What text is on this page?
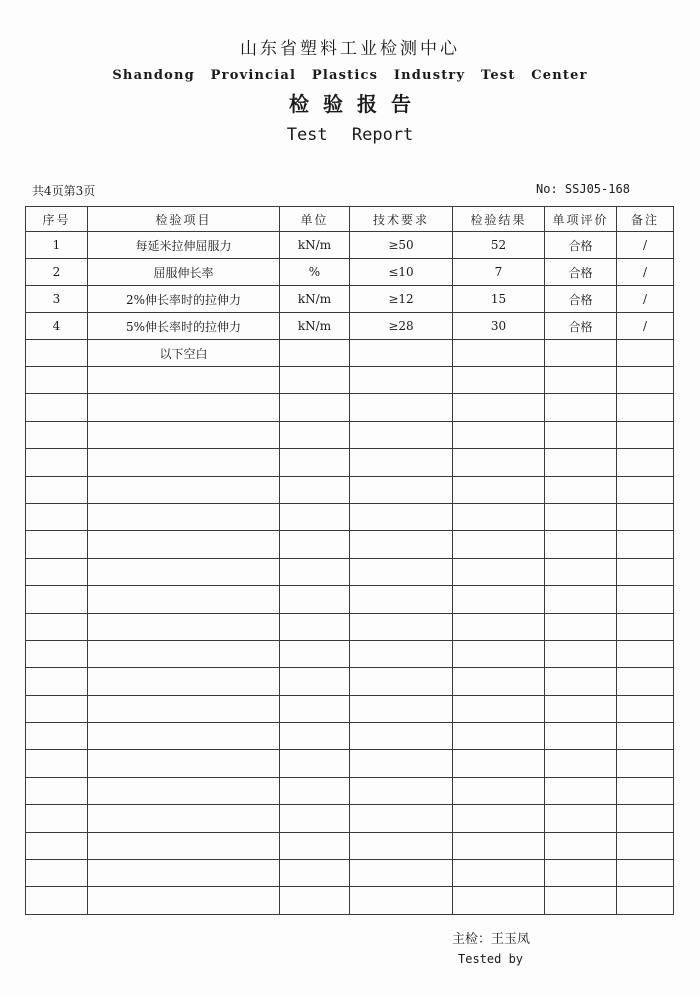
山东省塑料工业检测中心
Shandong Provincial Plastics Industry Test Center
检验报告
Test Report
共4页第3页	No: SSJ05-168
序号	检验项目	单位	技术要求	检验结果	单项评价	备注
1	每延米拉伸屈服力	kN/m	≥50	52	合格	/
2	屈服伸长率	%	≤10	7	合格	/
3	2%伸长率时的拉伸力	kN/m	≥12	15	合格	/
4	5%伸长率时的拉伸力	kN/m	≥28	30	合格	/
	以下空白					

主检：王玉凤
Tested by
